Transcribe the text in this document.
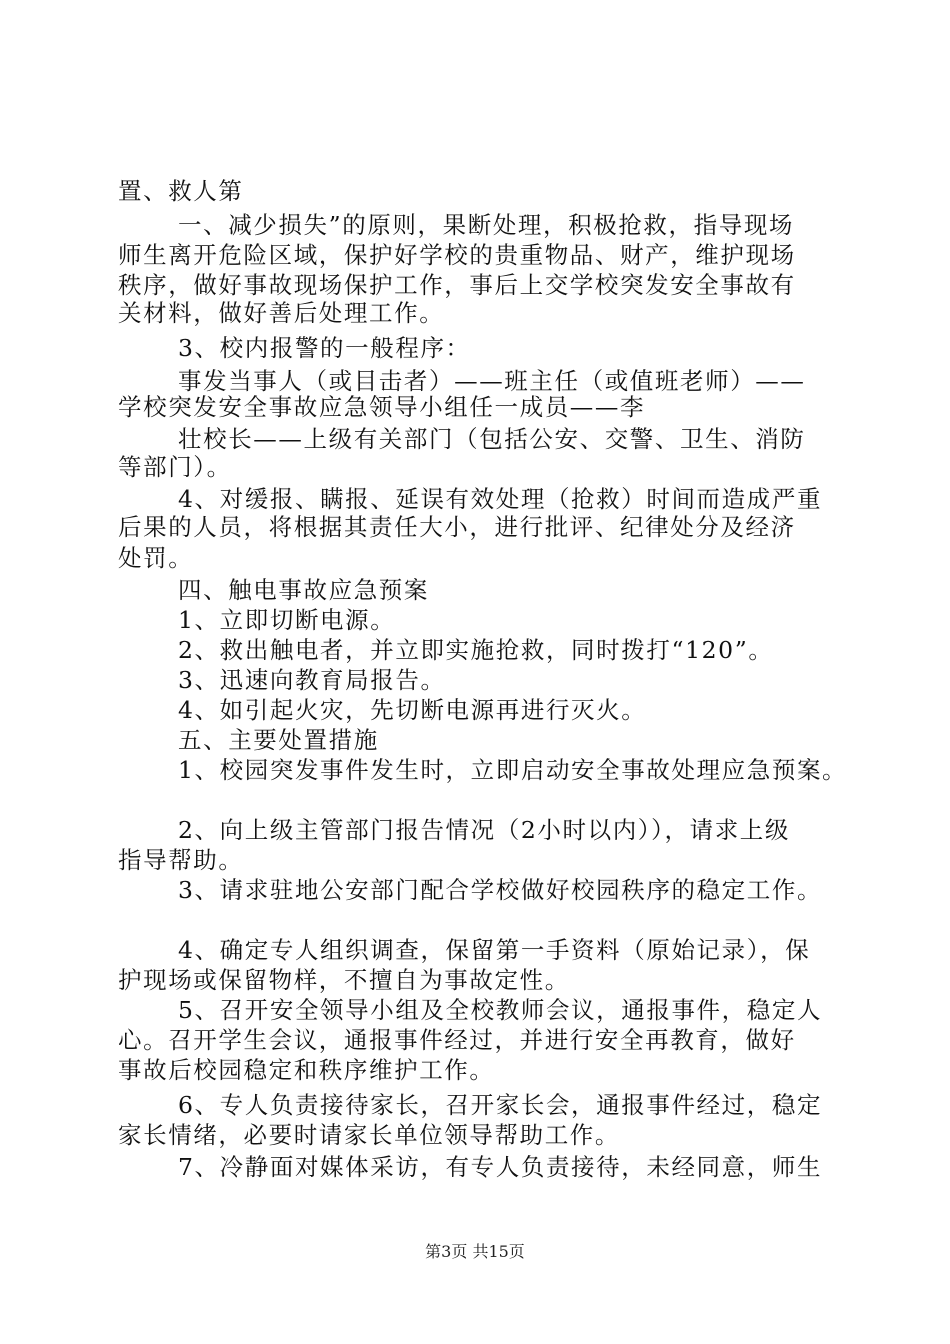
置、救人第
一、减少损失”的原则，果断处理，积极抢救，指导现场
师生离开危险区域，保护好学校的贵重物品、财产，维护现场
秩序，做好事故现场保护工作，事后上交学校突发安全事故有
关材料，做好善后处理工作。
3、校内报警的一般程序：
事发当事人（或目击者）——班主任（或值班老师）——
学校突发安全事故应急领导小组任一成员——李
壮校长——上级有关部门（包括公安、交警、卫生、消防
等部门）。
4、对缓报、瞒报、延误有效处理（抢救）时间而造成严重
后果的人员，将根据其责任大小，进行批评、纪律处分及经济
处罚。
四、触电事故应急预案
1、立即切断电源。
2、救出触电者，并立即实施抢救，同时拨打“120”。
3、迅速向教育局报告。
4、如引起火灾，先切断电源再进行灭火。
五、主要处置措施
1、校园突发事件发生时，立即启动安全事故处理应急预案。
2、向上级主管部门报告情况（2小时以内）），请求上级
指导帮助。
3、请求驻地公安部门配合学校做好校园秩序的稳定工作。
4、确定专人组织调查，保留第一手资料（原始记录），保
护现场或保留物样，不擅自为事故定性。
5、召开安全领导小组及全校教师会议，通报事件，稳定人
心。召开学生会议，通报事件经过，并进行安全再教育，做好
事故后校园稳定和秩序维护工作。
6、专人负责接待家长，召开家长会，通报事件经过，稳定
家长情绪，必要时请家长单位领导帮助工作。
7、冷静面对媒体采访，有专人负责接待，未经同意，师生
第3页 共15页
